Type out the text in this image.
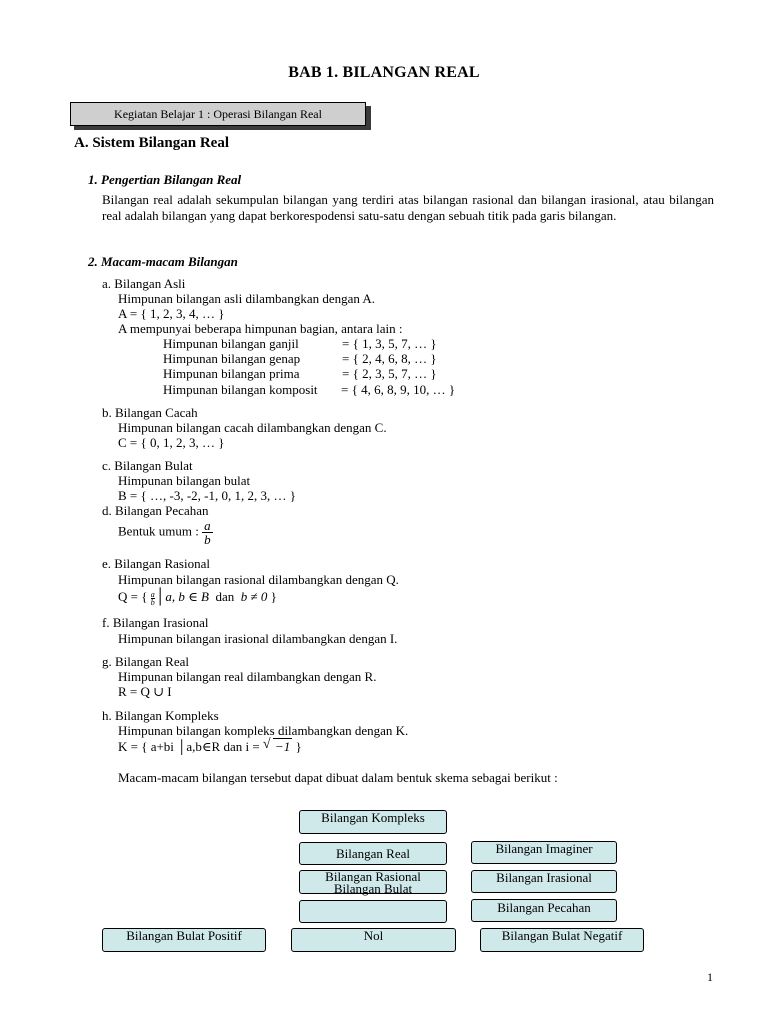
BAB 1. BILANGAN REAL
Kegiatan Belajar 1 : Operasi Bilangan Real
A. Sistem Bilangan Real
1. Pengertian Bilangan Real
Bilangan real adalah sekumpulan bilangan yang terdiri atas bilangan rasional dan bilangan irasional, atau bilangan real adalah bilangan yang dapat berkorespodensi satu-satu dengan sebuah titik pada garis bilangan.
2. Macam-macam Bilangan
a. Bilangan Asli
Himpunan bilangan asli dilambangkan dengan A.
A = { 1, 2, 3, 4, … }
A mempunyai beberapa himpunan bagian, antara lain :
Himpunan bilangan ganjil	= { 1, 3, 5, 7, … }
Himpunan bilangan genap	= { 2, 4, 6, 8, … }
Himpunan bilangan prima	= { 2, 3, 5, 7, … }
Himpunan bilangan komposit = { 4, 6, 8, 9, 10, … }
b. Bilangan Cacah
Himpunan bilangan cacah dilambangkan dengan C.
C = { 0, 1, 2, 3, … }
c. Bilangan Bulat
Himpunan bilangan bulat
B = { …, -3, -2, -1, 0, 1, 2, 3, … }
d. Bilangan Pecahan
Bentuk umum : $\frac{a}{b}$
e. Bilangan Rasional
Himpunan bilangan rasional dilambangkan dengan Q.
Q = { $\frac{a}{b}│a$, b ∈ B dan b ≠ 0 }
f. Bilangan Irasional
Himpunan bilangan irasional dilambangkan dengan I.
g. Bilangan Real
Himpunan bilangan real dilambangkan dengan R.
R = Q ∪ I
h. Bilangan Kompleks
Himpunan bilangan kompleks dilambangkan dengan K.
K = { a+bi │a,b∈R dan i = √ −1 }
Macam-macam bilangan tersebut dapat dibuat dalam bentuk skema sebagai berikut :
Bilangan Kompleks
Bilangan Real	Bilangan Imaginer
Bilangan Rasional
Bilangan Bulat
Bilangan Irasional
Bilangan Pecahan
Bilangan Bulat Positif	Nol	Bilangan Bulat Negatif
1
